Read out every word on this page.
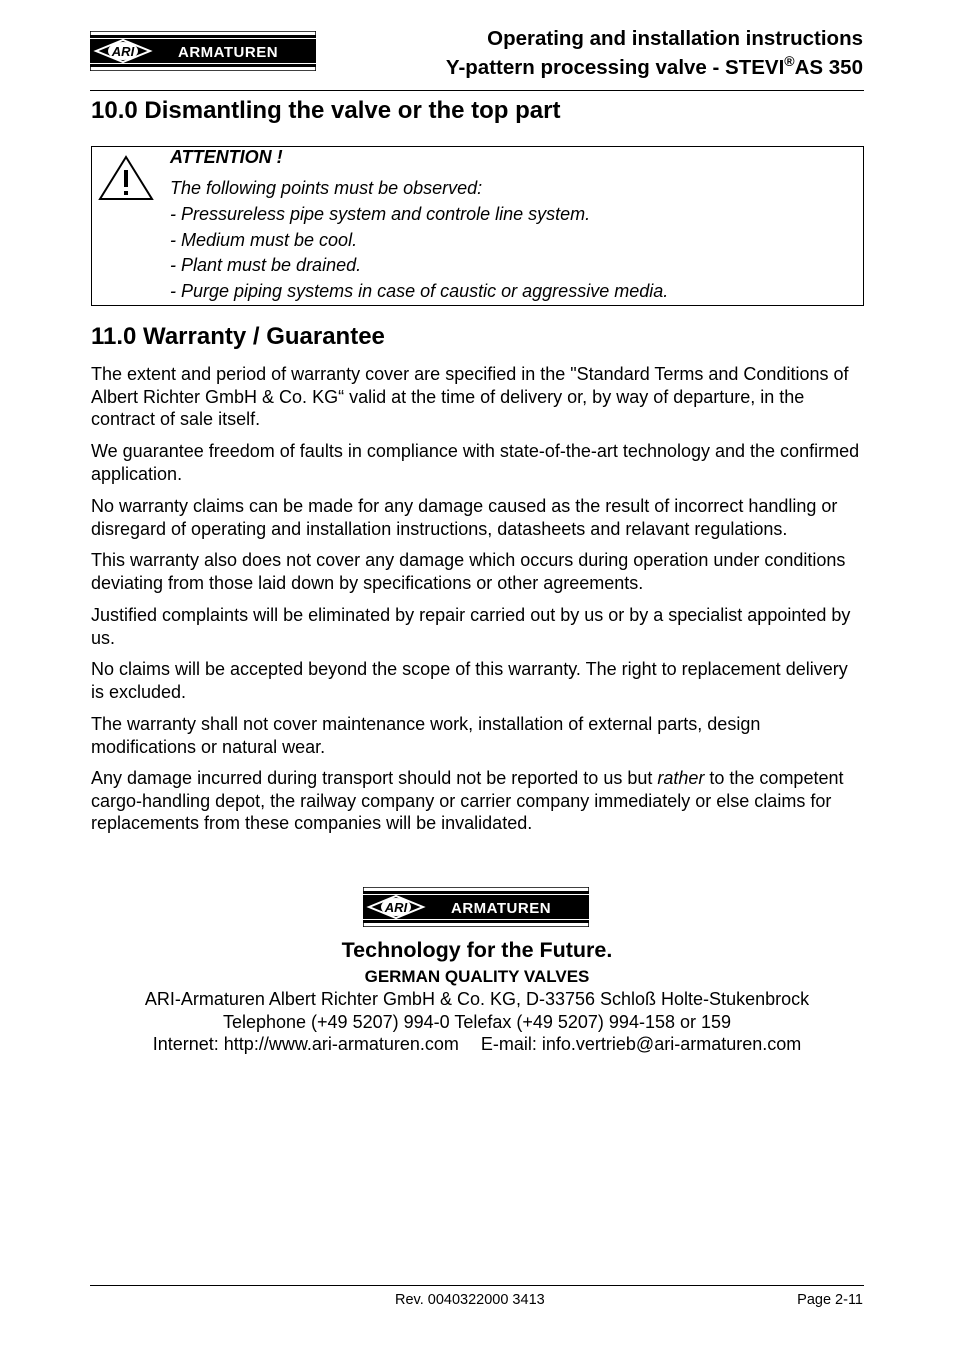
ARI	ARMATUREN
Operating and installation instructions
Y-pattern processing valve - STEVI®AS 350
10.0 Dismantling the valve or the top part
ATTENTION !
The following points must be observed:
- Pressureless pipe system and controle line system.
- Medium must be cool.
- Plant must be drained.
- Purge piping systems in case of caustic or aggressive media.
11.0 Warranty / Guarantee
The extent and period of warranty cover are specified in the "Standard Terms and Conditions of Albert Richter GmbH & Co. KG“ valid at the time of delivery or, by way of departure, in the contract of sale itself.
We guarantee freedom of faults in compliance with state-of-the-art technology and the confirmed application.
No warranty claims can be made for any damage caused as the result of incorrect handling or disregard of operating and installation instructions, datasheets and relavant regulations.
This warranty also does not cover any damage which occurs during operation under conditions deviating from those laid down by specifications or other agreements.
Justified complaints will be eliminated by repair carried out by us or by a specialist appointed by us.
No claims will be accepted beyond the scope of this warranty. The right to replacement delivery is excluded.
The warranty shall not cover maintenance work, installation of external parts, design modifications or natural wear.
Any damage incurred during transport should not be reported to us but rather to the competent cargo-handling depot, the railway company or carrier company immediately or else claims for replacements from these companies will be invalidated.
ARI	ARMATUREN
Technology for the Future.
GERMAN QUALITY VALVES
ARI-Armaturen Albert Richter GmbH & Co. KG, D-33756 Schloß Holte-Stukenbrock
Telephone (+49 5207) 994-0 Telefax (+49 5207) 994-158 or 159
Internet: http://www.ari-armaturen.com E-mail: info.vertrieb@ari-armaturen.com
Rev. 0040322000 3413	Page 2-11
